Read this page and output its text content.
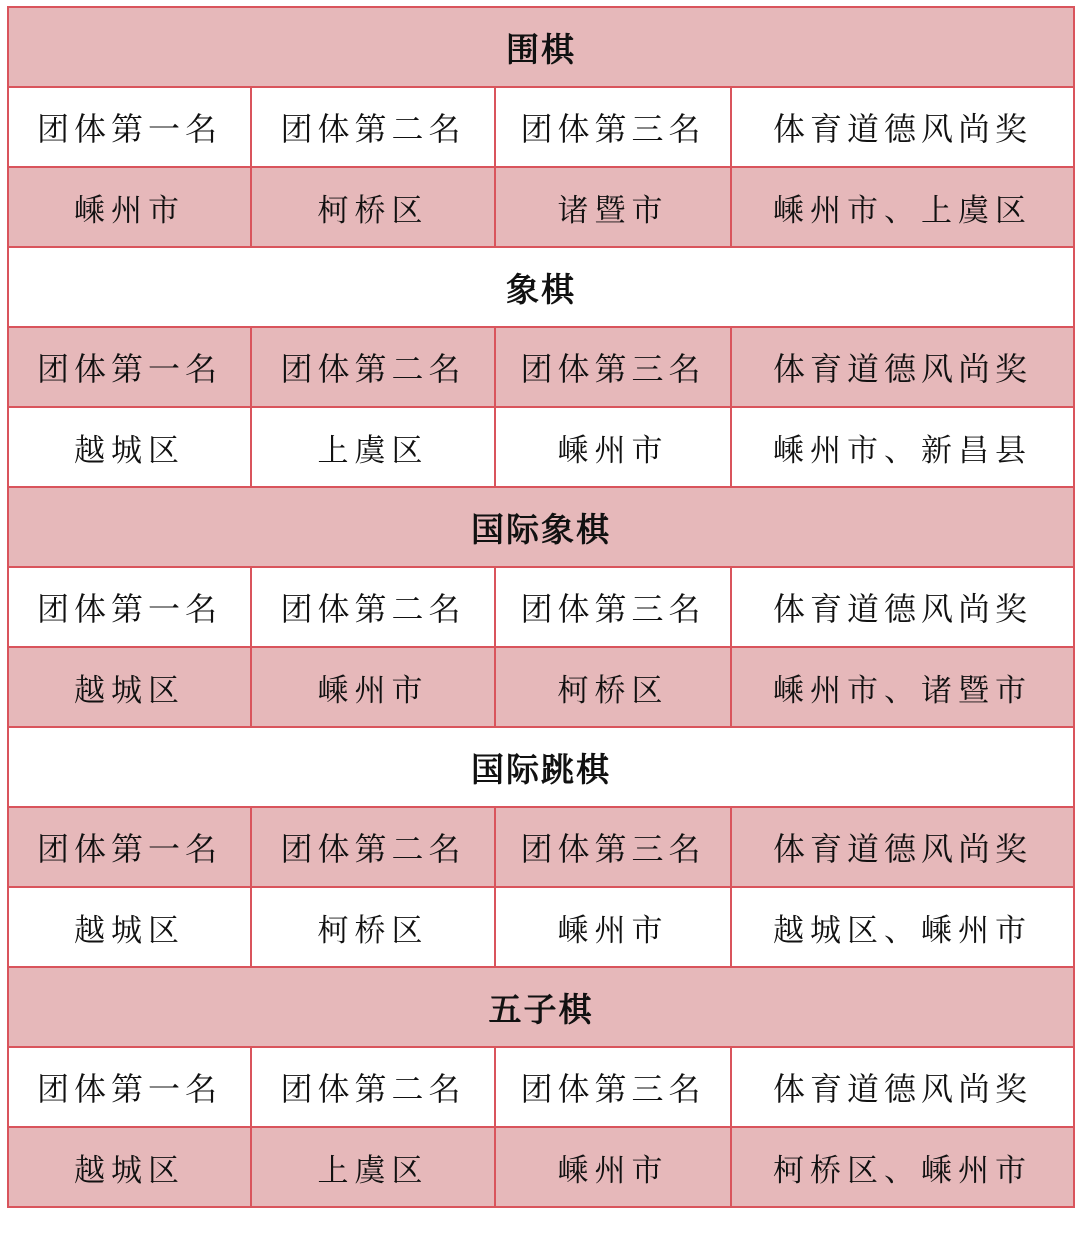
围棋			
团体第一名	团体第二名	团体第三名	体育道德风尚奖
嵊州市	柯桥区	诸暨市	嵊州市、上虞区
象棋			
团体第一名	团体第二名	团体第三名	体育道德风尚奖
越城区	上虞区	嵊州市	嵊州市、新昌县
国际象棋			
团体第一名	团体第二名	团体第三名	体育道德风尚奖
越城区	嵊州市	柯桥区	嵊州市、诸暨市
国际跳棋			
团体第一名	团体第二名	团体第三名	体育道德风尚奖
越城区	柯桥区	嵊州市	越城区、嵊州市
五子棋			
团体第一名	团体第二名	团体第三名	体育道德风尚奖
越城区	上虞区	嵊州市	柯桥区、嵊州市
